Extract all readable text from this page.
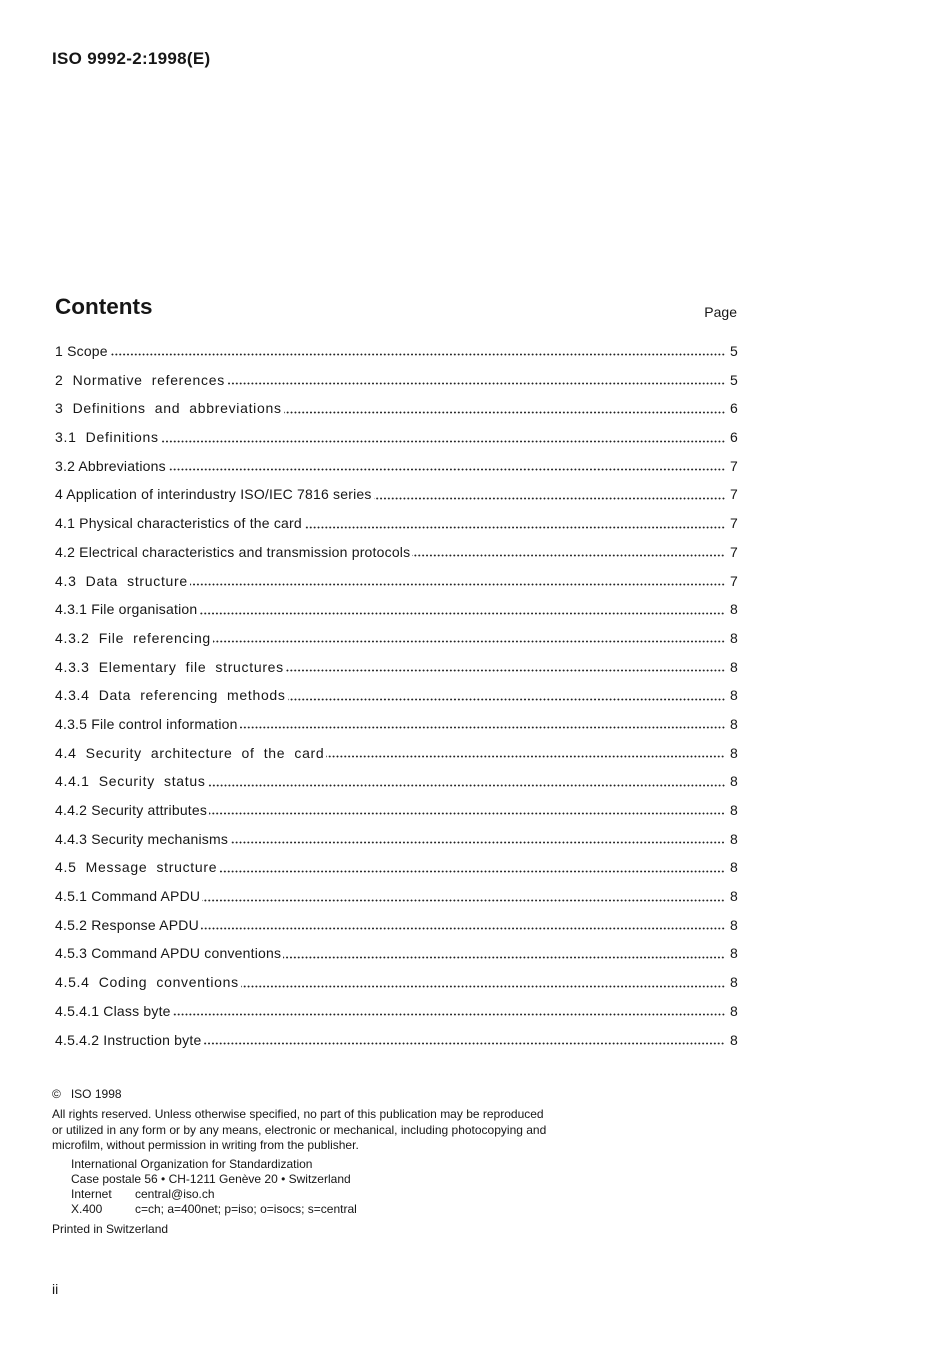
ISO 9992-2:1998(E)
Contents	Page
1 Scope	5
2 Normative references	5
3 Definitions and abbreviations	6
3.1 Definitions	6
3.2 Abbreviations	7
4 Application of interindustry ISO/IEC 7816 series	7
4.1 Physical characteristics of the card	7
4.2 Electrical characteristics and transmission protocols	7
4.3 Data structure	7
4.3.1 File organisation	8
4.3.2 File referencing	8
4.3.3 Elementary file structures	8
4.3.4 Data referencing methods	8
4.3.5 File control information	8
4.4 Security architecture of the card	8
4.4.1 Security status	8
4.4.2 Security attributes	8
4.4.3 Security mechanisms	8
4.5 Message structure	8
4.5.1 Command APDU	8
4.5.2 Response APDU	8
4.5.3 Command APDU conventions	8
4.5.4 Coding conventions	8
4.5.4.1 Class byte	8
4.5.4.2 Instruction byte	8
© ISO 1998
All rights reserved. Unless otherwise specified, no part of this publication may be reproduced
or utilized in any form or by any means, electronic or mechanical, including photocopying and
microfilm, without permission in writing from the publisher.
International Organization for Standardization
Case postale 56 • CH-1211 Genève 20 • Switzerland
Internet	central@iso.ch
X.400	c=ch; a=400net; p=iso; o=isocs; s=central
Printed in Switzerland
ii
